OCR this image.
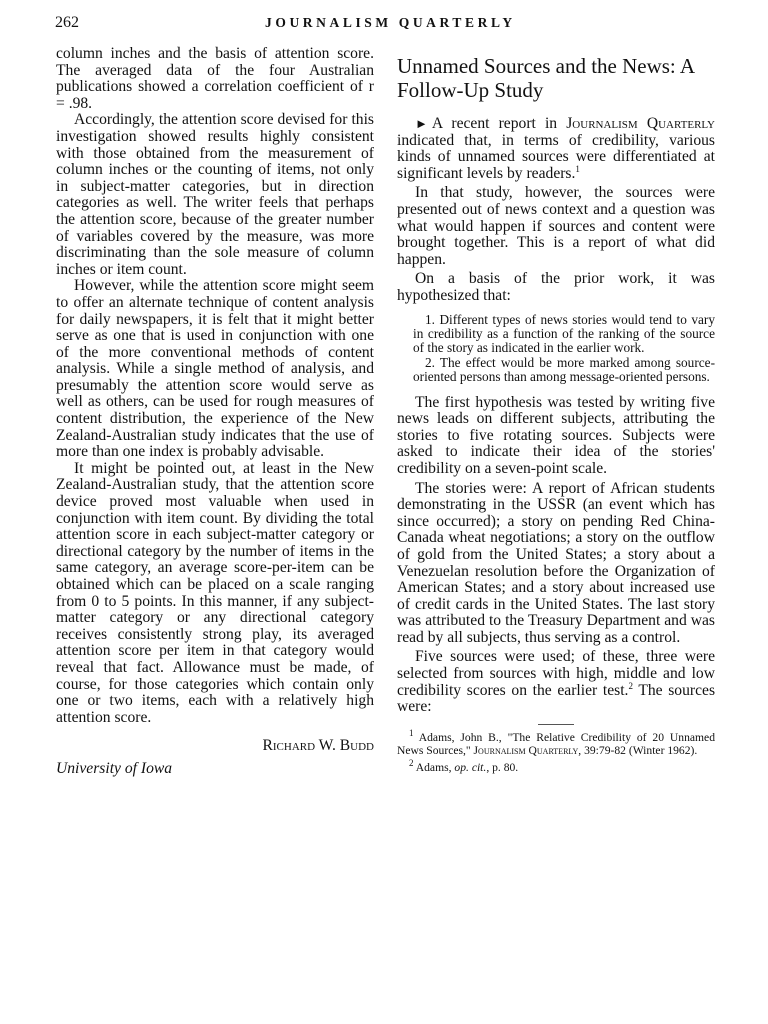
262	JOURNALISM QUARTERLY

column inches and the basis of attention score. The averaged data of the four Australian publications showed a correlation coefficient of r = .98.

Accordingly, the attention score devised for this investigation showed results highly consistent with those obtained from the measurement of column inches or the counting of items, not only in subject-matter categories, but in direction categories as well. The writer feels that perhaps the attention score, because of the greater number of variables covered by the measure, was more discriminating than the sole measure of column inches or item count.

However, while the attention score might seem to offer an alternate technique of content analysis for daily newspapers, it is felt that it might better serve as one that is used in conjunction with one of the more conventional methods of content analysis. While a single method of analysis, and presumably the attention score would serve as well as others, can be used for rough measures of content distribution, the experience of the New Zealand-Australian study indicates that the use of more than one index is probably advisable.

It might be pointed out, at least in the New Zealand-Australian study, that the attention score device proved most valuable when used in conjunction with item count. By dividing the total attention score in each subject-matter category or directional category by the number of items in the same category, an average score-per-item can be obtained which can be placed on a scale ranging from 0 to 5 points. In this manner, if any subject-matter category or any directional category receives consistently strong play, its averaged attention score per item in that category would reveal that fact. Allowance must be made, of course, for those categories which contain only one or two items, each with a relatively high attention score.

Richard W. Budd
University of Iowa
Unnamed Sources and the News: A Follow-Up Study

► A recent report in Journalism Quarterly indicated that, in terms of credibility, various kinds of unnamed sources were differentiated at significant levels by readers.$^1$

In that study, however, the sources were presented out of news context and a question was what would happen if sources and content were brought together. This is a report of what did happen.

On a basis of the prior work, it was hypothesized that:

1. Different types of news stories would tend to vary in credibility as a function of the ranking of the source of the story as indicated in the earlier work.

2. The effect would be more marked among source-oriented persons than among message-oriented persons.

The first hypothesis was tested by writing five news leads on different subjects, attributing the stories to five rotating sources. Subjects were asked to indicate their idea of the stories' credibility on a seven-point scale.

The stories were: A report of African students demonstrating in the USSR (an event which has since occurred); a story on pending Red China-Canada wheat negotiations; a story on the outflow of gold from the United States; a story about a Venezuelan resolution before the Organization of American States; and a story about increased use of credit cards in the United States. The last story was attributed to the Treasury Department and was read by all subjects, thus serving as a control.

Five sources were used; of these, three were selected from sources with high, middle and low credibility scores on the earlier test.$^2$ The sources were:

$^1$ Adams, John B., "The Relative Credibility of 20 Unnamed News Sources," Journalism Quarterly, 39:79-82 (Winter 1962).

$^2$ Adams, op. cit., p. 80.
